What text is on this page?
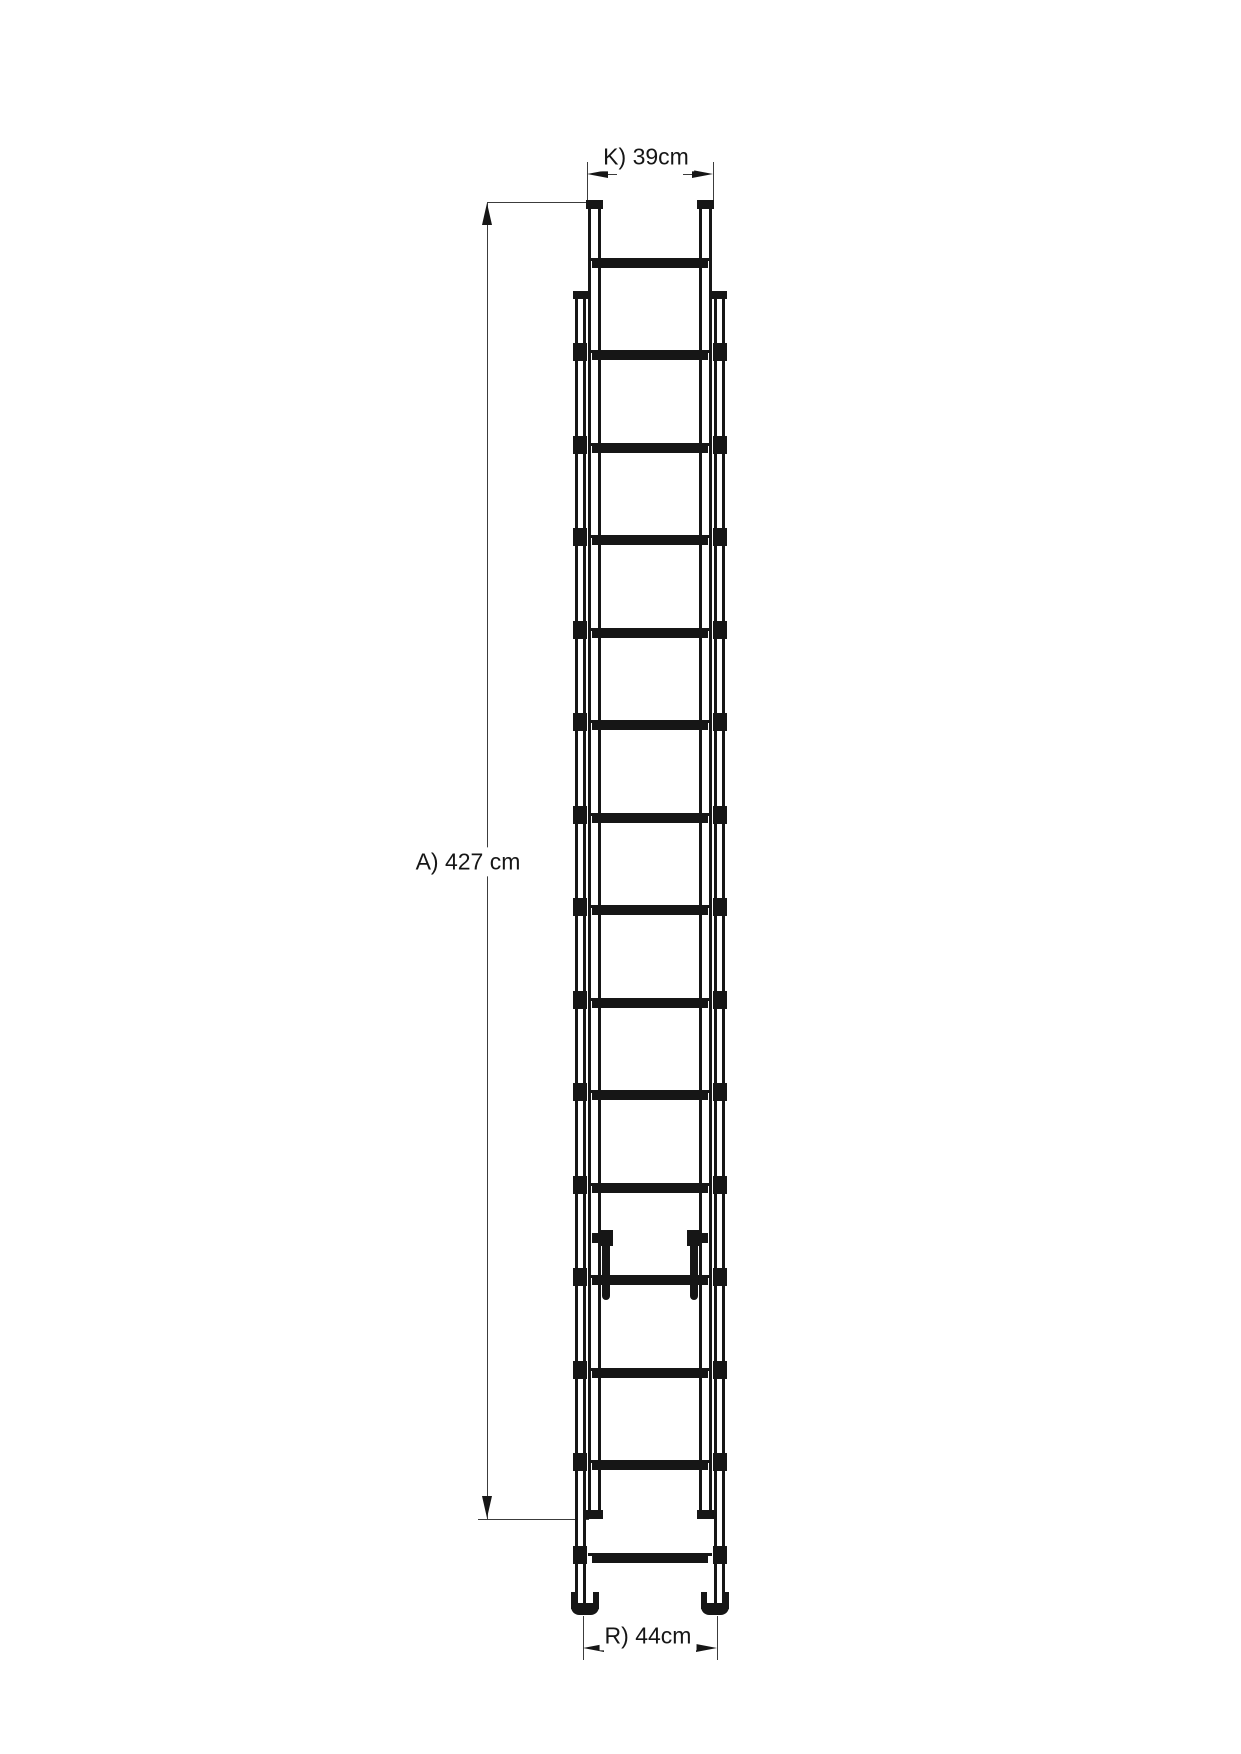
K) 39cm
A) 427 cm
R) 44cm
